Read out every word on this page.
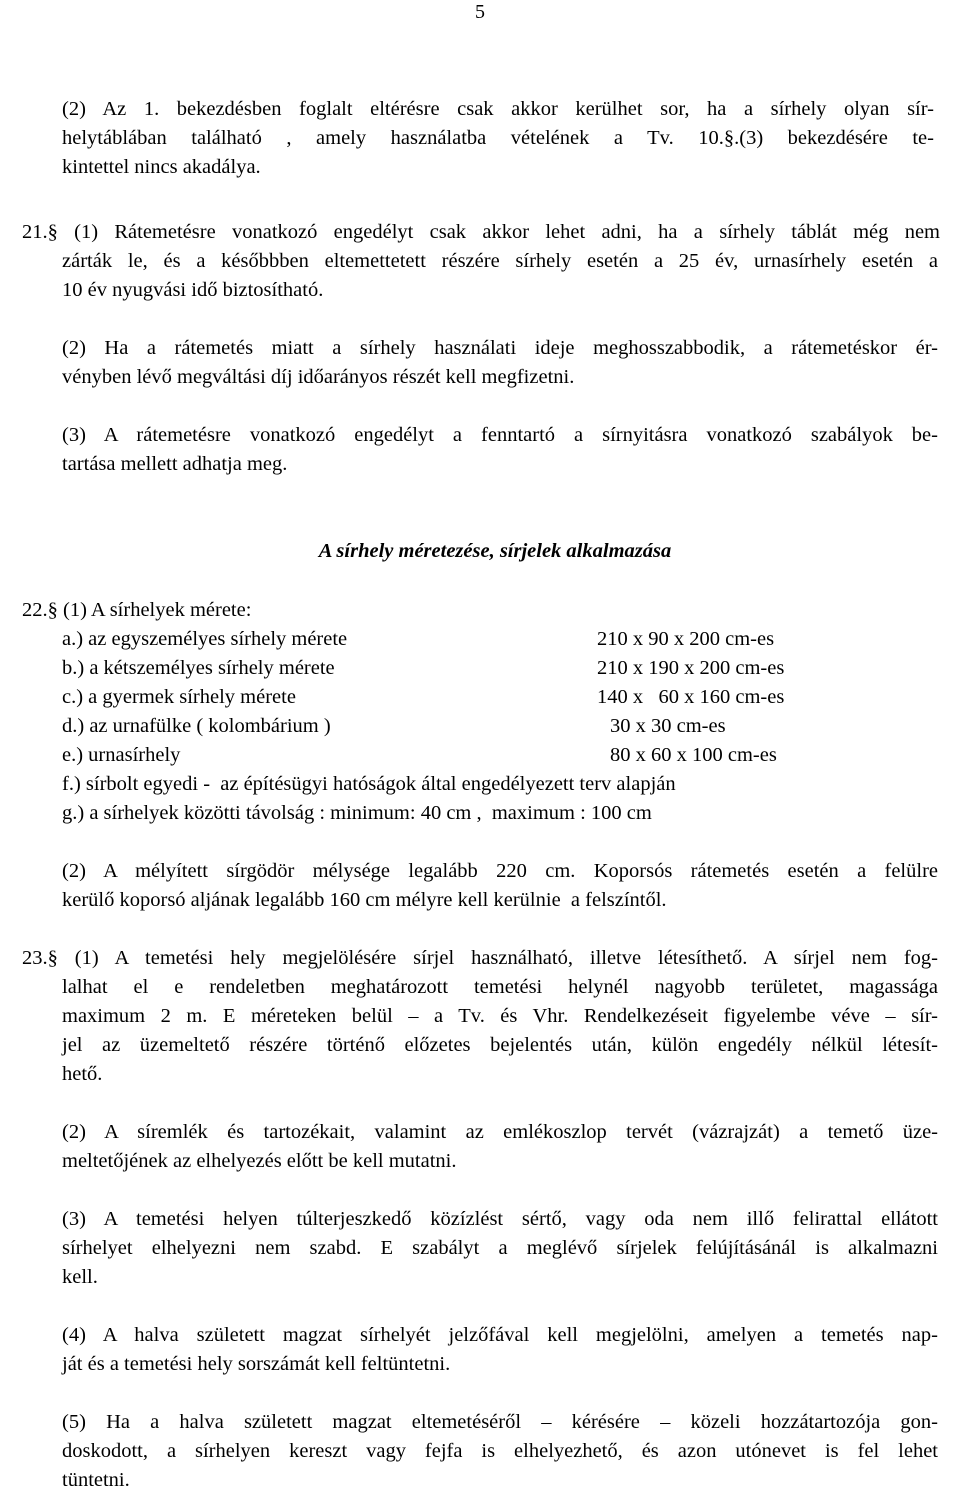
5
(2) Az 1. bekezdésben foglalt eltérésre csak akkor kerülhet sor, ha a sírhely olyan sír-
helytáblában található , amely használatba vételének a Tv. 10.§.(3) bekezdésére te-
kintettel nincs akadálya.
21.§ (1) Rátemetésre vonatkozó engedélyt csak akkor lehet adni, ha a sírhely táblát még nem
zárták le, és a későbbben eltemettetett részére sírhely esetén a 25 év, urnasírhely esetén a
10 év nyugvási idő biztosítható.
(2) Ha a rátemetés miatt a sírhely használati ideje meghosszabbodik, a rátemetéskor ér-
vényben lévő megváltási díj időarányos részét kell megfizetni.
(3) A rátemetésre vonatkozó engedélyt a fenntartó a sírnyitásra vonatkozó szabályok be-
tartása mellett adhatja meg.
A sírhely méretezése, sírjelek alkalmazása
22.§ (1) A sírhelyek mérete:
a.) az egyszemélyes sírhely mérete	210 x 90 x 200 cm-es
b.) a kétszemélyes sírhely mérete	210 x 190 x 200 cm-es
c.) a gyermek sírhely mérete	140 x   60 x 160 cm-es
d.) az urnafülke ( kolombárium )	30 x 30 cm-es
e.) urnasírhely	80 x 60 x 100 cm-es
f.) sírbolt egyedi -  az építésügyi hatóságok által engedélyezett terv alapján
g.) a sírhelyek közötti távolság : minimum: 40 cm ,  maximum : 100 cm
(2) A mélyített sírgödör mélysége legalább 220 cm. Koporsós rátemetés esetén a felülre
kerülő koporsó aljának legalább 160 cm mélyre kell kerülnie  a felszíntől.
23.§ (1) A temetési hely megjelölésére sírjel használható, illetve létesíthető. A sírjel nem fog-
lalhat el e rendeletben meghatározott temetési helynél nagyobb területet, magassága
maximum 2 m. E méreteken belül – a Tv. és Vhr. Rendelkezéseit figyelembe véve – sír-
jel az üzemeltető részére történő előzetes bejelentés után, külön engedély nélkül létesít-
hető.
(2) A síremlék és tartozékait, valamint az emlékoszlop tervét (vázrajzát) a temető üze-
meltetőjének az elhelyezés előtt be kell mutatni.
(3) A temetési helyen túlterjeszkedő közízlést sértő, vagy oda nem illő felirattal ellátott
sírhelyet elhelyezni nem szabd. E szabályt a meglévő sírjelek felújításánál is alkalmazni
kell.
(4) A halva született magzat sírhelyét jelzőfával kell megjelölni, amelyen a temetés nap-
ját és a temetési hely sorszámát kell feltüntetni.
(5) Ha a halva született magzat eltemetéséről – kérésére – közeli hozzátartozója gon-
doskodott, a sírhelyen kereszt vagy fejfa is elhelyezhető, és azon utónevet is fel lehet
tüntetni.
